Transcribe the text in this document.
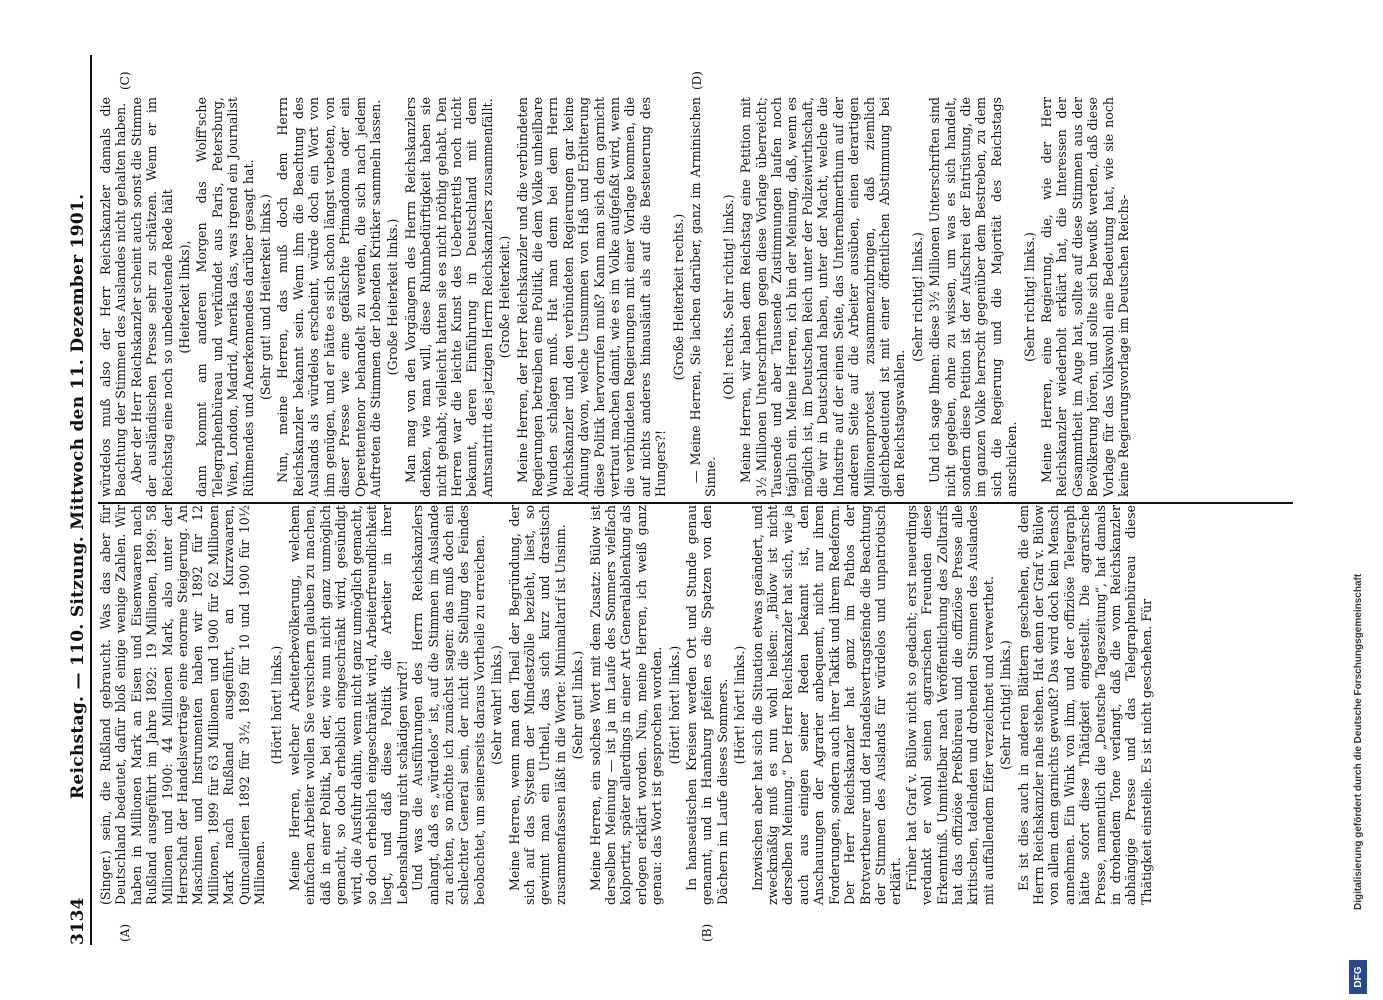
3134
Reichstag. — 110. Sitzung. Mittwoch den 11. Dezember 1901.
(A)	(B)
(C)	(D)

(Singer.) sein, die Rußland gebraucht. Was das aber für Deutschland bedeutet, dafür bloß einige wenige Zahlen. Wir haben in Millionen Mark an Eisen und Eisenwaaren nach Rußland ausgeführt im Jahre 1892: 19 Millionen, 1899: 58 Millionen und 1900: 44 Millionen Mark, also unter der Herrschaft der Handelsverträge eine enorme Steigerung. An Maschinen und Instrumenten haben wir 1892 für 12 Millionen, 1899 für 63 Millionen und 1900 für 62 Millionen Mark nach Rußland ausgeführt, an Kurzwaaren, Quincaillerien 1892 für 3½, 1899 für 10 und 1900 für 10½ Millionen.

(Hört! hört! links.) Meine Herren, welcher Arbeiterbevölkerung, welchem einfachen Arbeiter wollen Sie versichern glauben zu machen, daß in einer Politik, bei der, wie nun nicht ganz unmöglich gemacht, so doch erheblich eingeschränkt wird, gesündigt wird, die Ausfuhr dahin, wenn nicht ganz unmöglich gemacht, so doch erheblich eingeschränkt wird, Arbeiterfreundlichkeit liegt, und daß diese Politik die Arbeiter in ihrer Lebenshaltung nicht schädigen wird?! Und was die Ausführungen des Herrn Reichskanzlers anlangt, daß es „würdelos“ ist, auf die Stimmen im Auslande zu achten, so möchte ich zunächst sagen: das muß doch ein schlechter General sein, der nicht die Stellung des Feindes beobachtet, um seinerseits daraus Vortheile zu erreichen. (Sehr wahr! links.) Meine Herren, wenn man den Theil der Begründung, der sich auf das System der Mindestzölle bezieht, liest, so gewinnt man ein Urtheil, das sich kurz und drastisch zusammenfassen läßt in die Worte: Minimaltarif ist Unsinn. (Sehr gut! links.) Meine Herren, ein solches Wort mit dem Zusatz: Bülow ist derselben Meinung — ist ja im Laufe des Sommers vielfach kolportirt, später allerdings in einer Art Generalablenkung als erlogen erklärt worden. Nun, meine Herren, ich weiß ganz genau: das Wort ist gesprochen worden. (Hört! hört! links.) In hanseatischen Kreisen werden Ort und Stunde genau genannt, und in Hamburg pfeifen es die Spatzen von den Dächern im Laufe dieses Sommers. (Hört! hört! links.) Inzwischen aber hat sich die Situation etwas geändert, und zweckmäßig muß es nun wohl heißen: „Bülow ist nicht derselben Meinung.“ Der Herr Reichskanzler hat sich, wie ja auch aus einigen seiner Reden bekannt ist, den Anschauungen der Agrarier anbequemt, nicht nur ihren Forderungen, sondern auch ihrer Taktik und ihrem Redeform. Der Herr Reichskanzler hat ganz im Pathos der Brotvertheurer und der Handelsvertragsfeinde die Beachtung der Stimmen des Auslands für würdelos und unpatriotisch erklärt. Früher hat Graf v. Bülow nicht so gedacht; erst neuerdings verdankt er wohl seinen agrarischen Freunden diese Erkenntniß. Unmittelbar nach Veröffentlichung des Zolltarifs hat das offiziöse Preßbüreau und die offiziöse Presse alle kritischen, tadelnden und drohenden Stimmen des Auslandes mit auffallendem Eifer verzeichnet und verwerthet. (Sehr richtig! links.) Es ist dies auch in anderen Blättern geschehen, die dem Herrn Reichskanzler nahe stehen. Hat denn der Graf v. Bülow von allem dem garnichts gewußt? Das wird doch kein Mensch annehmen. Ein Wink von ihm, und der offiziöse Telegraph hätte sofort diese Thätigkeit eingestellt. Die agrarische Presse, namentlich die „Deutsche Tageszeitung“, hat damals in drohendem Tone verlangt, daß die vom Reichskanzler abhängige Presse und das Telegraphenbüreau diese Thätigkeit einstelle. Es ist nicht geschehen. Für

würdelos muß also der Herr Reichskanzler damals die Beachtung der Stimmen des Auslandes nicht gehalten haben. Aber der Herr Reichskanzler scheint auch sonst die Stimme der ausländischen Presse sehr zu schätzen. Wenn er im Reichstag eine noch so unbedeutende Rede hält (Heiterkeit links), dann kommt am anderen Morgen das Wolff'sche Telegraphenbüreau und verkündet aus Paris, Petersburg, Wien, London, Madrid, Amerika das, was irgend ein Journalist Rühmendes und Anerkennendes darüber gesagt hat. (Sehr gut! und Heiterkeit links.) Nun, meine Herren, das muß doch dem Herrn Reichskanzler bekannt sein. Wenn ihm die Beachtung des Auslands als würdelos erscheint, würde doch ein Wort von ihm genügen, und er hätte es sich schon längst verbeten, von dieser Presse wie eine gefälschte Primadonna oder ein Operettentenor behandelt zu werden, die sich nach jedem Auftreten die Stimmen der lobenden Kritiker sammeln lassen. (Große Heiterkeit links.) Man mag von den Vorgängern des Herrn Reichskanzlers denken, wie man will, diese Ruhmbedürftigkeit haben sie nicht gehabt; vielleicht hatten sie es nicht nöthig gehabt. Den Herren war die leichte Kunst des Ueberbrettls noch nicht bekannt, deren Einführung in Deutschland mit dem Amtsantritt des jetzigen Herrn Reichskanzlers zusammenfällt. (Große Heiterkeit.) Meine Herren, der Herr Reichskanzler und die verbündeten Regierungen betreiben eine Politik, die dem Volke unheilbare Wunden schlagen muß. Hat man denn bei dem Herrn Reichskanzler und den verbündeten Regierungen gar keine Ahnung davon, welche Unsummen von Haß und Erbitterung diese Politik hervorrufen muß? Kann man sich dem garnicht vertraut machen damit, wie es im Volke aufgefaßt wird, wenn die verbündeten Regierungen mit einer Vorlage kommen, die auf nichts anderes hinausläuft als auf die Besteuerung des Hungers?!

(Große Heiterkeit rechts.) — Meine Herren, Sie lachen darüber, ganz im Arminischen Sinne.

(Oh! rechts. Sehr richtig! links.) Meine Herren, wir haben dem Reichstag eine Petition mit 3½ Millionen Unterschriften gegen diese Vorlage überreicht; Tausende und aber Tausende Zustimmungen laufen noch täglich ein. Meine Herren, ich bin der Meinung, daß, wenn es möglich ist, im Deutschen Reich unter der Polizeiwirthschaft, die wir in Deutschland haben, unter der Macht, welche die Industrie auf der einen Seite, das Unternehmerthum auf der anderen Seite auf die Arbeiter ausüben, einen derartigen Millionenprotest zusammenzubringen, daß ziemlich gleichbedeutend ist mit einer öffentlichen Abstimmung bei den Reichstagswahlen.

(Sehr richtig! links.) Und ich sage Ihnen: diese 3½ Millionen Unterschriften sind nicht gegeben, ohne zu wissen, um was es sich handelt, sondern diese Petition ist der Aufschrei der Entrüstung, die im ganzen Volke herrscht gegenüber dem Bestreben, zu dem sich die Regierung und die Majorität des Reichstags anschicken.

(Sehr richtig! links.) Meine Herren, eine Regierung, die, wie der Herr Reichskanzler wiederholt erklärt hat, die Interessen der Gesammtheit im Auge hat, sollte auf diese Stimmen aus der Bevölkerung hören, und sollte sich bewußt werden, daß diese Vorlage für das Volkswohl eine Bedeutung hat, wie sie noch keine Regierungsvorlage im Deutschen Reichs-

DFG
Digitalisierung gefördert durch die Deutsche Forschungsgemeinschaft
